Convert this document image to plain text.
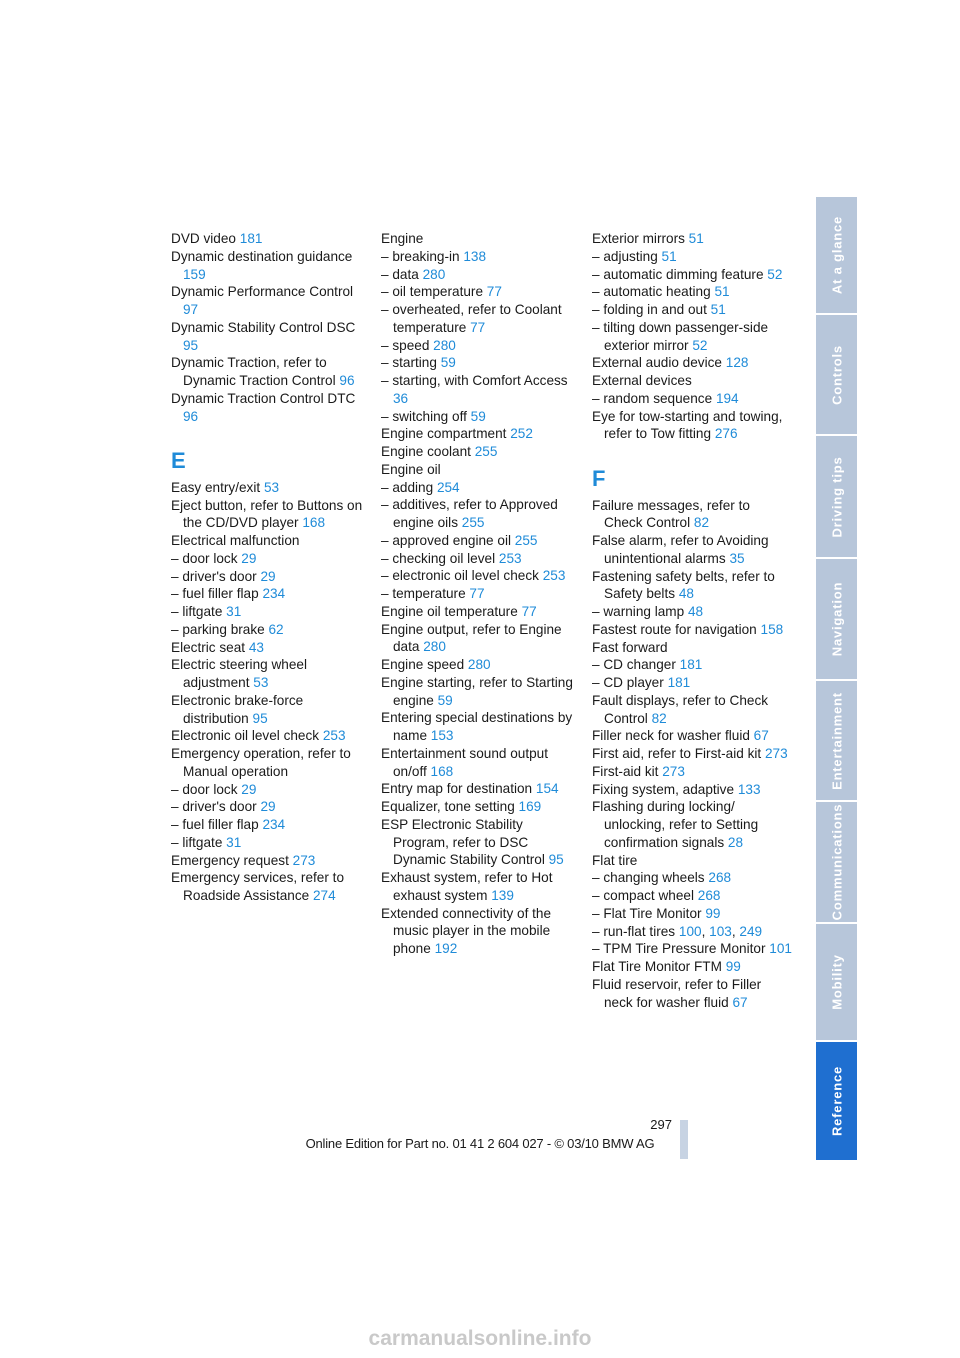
DVD video 181
Dynamic destination guidance 159
Dynamic Performance Control 97
Dynamic Stability Control DSC 95
Dynamic Traction, refer to Dynamic Traction Control 96
Dynamic Traction Control DTC 96
E
Easy entry/exit 53
Eject button, refer to Buttons on the CD/DVD player 168
Electrical malfunction
– door lock 29
– driver's door 29
– fuel filler flap 234
– liftgate 31
– parking brake 62
Electric seat 43
Electric steering wheel adjustment 53
Electronic brake-force distribution 95
Electronic oil level check 253
Emergency operation, refer to Manual operation
– door lock 29
– driver's door 29
– fuel filler flap 234
– liftgate 31
Emergency request 273
Emergency services, refer to Roadside Assistance 274
Engine
– breaking-in 138
– data 280
– oil temperature 77
– overheated, refer to Coolant temperature 77
– speed 280
– starting 59
– starting, with Comfort Access 36
– switching off 59
Engine compartment 252
Engine coolant 255
Engine oil
– adding 254
– additives, refer to Approved engine oils 255
– approved engine oil 255
– checking oil level 253
– electronic oil level check 253
– temperature 77
Engine oil temperature 77
Engine output, refer to Engine data 280
Engine speed 280
Engine starting, refer to Starting engine 59
Entering special destinations by name 153
Entertainment sound output on/off 168
Entry map for destination 154
Equalizer, tone setting 169
ESP Electronic Stability Program, refer to DSC Dynamic Stability Control 95
Exhaust system, refer to Hot exhaust system 139
Extended connectivity of the music player in the mobile phone 192
Exterior mirrors 51
– adjusting 51
– automatic dimming feature 52
– automatic heating 51
– folding in and out 51
– tilting down passenger-side exterior mirror 52
External audio device 128
External devices
– random sequence 194
Eye for tow-starting and towing, refer to Tow fitting 276
F
Failure messages, refer to Check Control 82
False alarm, refer to Avoiding unintentional alarms 35
Fastening safety belts, refer to Safety belts 48
– warning lamp 48
Fastest route for navigation 158
Fast forward
– CD changer 181
– CD player 181
Fault displays, refer to Check Control 82
Filler neck for washer fluid 67
First aid, refer to First-aid kit 273
First-aid kit 273
Fixing system, adaptive 133
Flashing during locking/ unlocking, refer to Setting confirmation signals 28
Flat tire
– changing wheels 268
– compact wheel 268
– Flat Tire Monitor 99
– run-flat tires 100, 103, 249
– TPM Tire Pressure Monitor 101
Flat Tire Monitor FTM 99
Fluid reservoir, refer to Filler neck for washer fluid 67
At a glance
Controls
Driving tips
Navigation
Entertainment
Communications
Mobility
Reference
297
Online Edition for Part no. 01 41 2 604 027 - © 03/10 BMW AG
carmanualsonline.info
